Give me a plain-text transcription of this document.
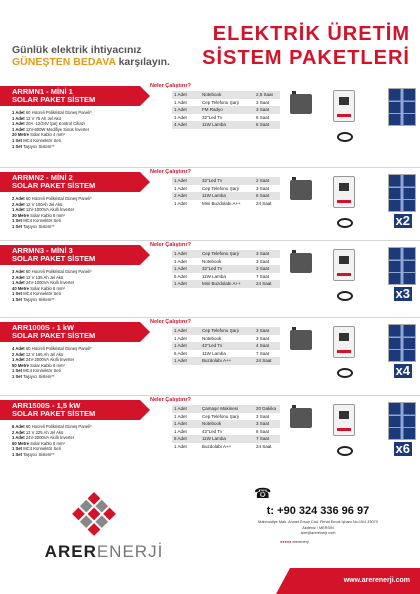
Günlük elektrik ihtiyacınız
GÜNEŞTEN BEDAVA karşılayın.
ELEKTRİK ÜRETİM
SİSTEM PAKETLERİ
ARRMN1 - MİNİ 1
SOLAR PAKET SİSTEM
1 Adet 60 Hücreli Polikristal Güneş Paneli*
1 Adet 12 V 75 Ah Jel Akü
1 Adet 20A -12/24V Şarj Kontrol Cihazı
1 Adet 12V-600W Modifiye Sinüs İnverter
20 Metre Solar Kablo 4 mm²
1 Set MC4 Konnektör Seti
1 Set Taşıyıcı Sistem**
Neler Çalıştırır?
1 Adet	Notebook	2,5 Saat
1 Adet	Cep Telefonu Şarjı	3 Saat
1 Adet	FM Radyo	3 Saat
1 Adet	32"Led Tv	6 Saat
4 Adet	11W Lamba	6 Saat
ARRMN2 - MİNİ 2
SOLAR PAKET SİSTEM
2 Adet 60 Hücreli Polikristal Güneş Paneli*
2 Adet 12 V 100Ah Jel Akü
1 Adet 12V-1000VA Akıllı İnverter
30 Metre Solar Kablo 6 mm²
1 Set MC4 Konnektör Seti
1 Set Taşıyıcı Sistem**
Neler Çalıştırır?
1 Adet	32"Led Tv	2 Saat
1 Adet	Cep Telefonu Şarjı	3 Saat
2 Adet	11W Lamba	6 Saat
1 Adet	Mini Buzdolabı A++	24 Saat
x2
ARRMN3 - MİNİ 3
SOLAR PAKET SİSTEM
3 Adet 60 Hücreli Polikristal Güneş Paneli*
2 Adet 12 V 135 Ah Jel Akü
1 Adet 24V-1000VA Akıllı İnverter
40 Metre Solar Kablo 6 mm²
1 Set MC4 Konnektör Seti
1 Set Taşıyıcı Sistem**
Neler Çalıştırır?
1 Adet	Cep Telefonu Şarjı	3 Saat
1 Adet	Notebook	3 Saat
1 Adet	32"Led Tv	3 Saat
5 Adet	11W Lamba	7 Saat
1 Adet	Mini Buzdolabı A++	24 Saat
x3
ARR1000S - 1 kW
SOLAR PAKET SİSTEM
4 Adet 60 Hücreli Polikristal Güneş Paneli*
2 Adet 12 V 165 Ah Jel Akü
1 Adet 24V-2000VA Akıllı İnverter
50 Metre Solar Kablo 6 mm²
1 Set MC4 Konnektör Seti
1 Set Taşıyıcı Sistem**
Neler Çalıştırır?
1 Adet	Cep Telefonu Şarjı	3 Saat
1 Adet	Notebook	3 Saat
1 Adet	42"Led Tv	4 Saat
6 Adet	11W Lamba	7 Saat
1 Adet	Buzdolabı A++	24 Saat
x4
ARR1500S - 1,5 kW
SOLAR PAKET SİSTEM
6 Adet 60 Hücreli Polikristal Güneş Paneli*
2 Adet 12 V 225 Ah Jel Akü
1 Adet 24V-2000VA Akıllı İnverter
60 Metre Solar Kablo 6 mm²
1 Set MC4 Konnektör Seti
1 Set Taşıyıcı Sistem**
Neler Çalıştırır?
1 Adet	Çamaşır Makinesi	20 Dakika
1 Adet	Cep Telefonu Şarjı	3 Saat
1 Adet	Notebook	3 Saat
1 Adet	42"Led Tv	6 Saat
8 Adet	11W Lamba	7 Saat
1 Adet	Buzdolabı A++	24 Saat	x6
ARERENERJİ
☎
t: +90 324 336 96 97
Mahmudiye Mah. Ahmet Ersoy Cad. Firnat Emos İşhanı No:15/4 33070
Akdeniz / MERSİN
arer@arerenerji.com
●●●●● arerenerji
www.arerenerji.com
